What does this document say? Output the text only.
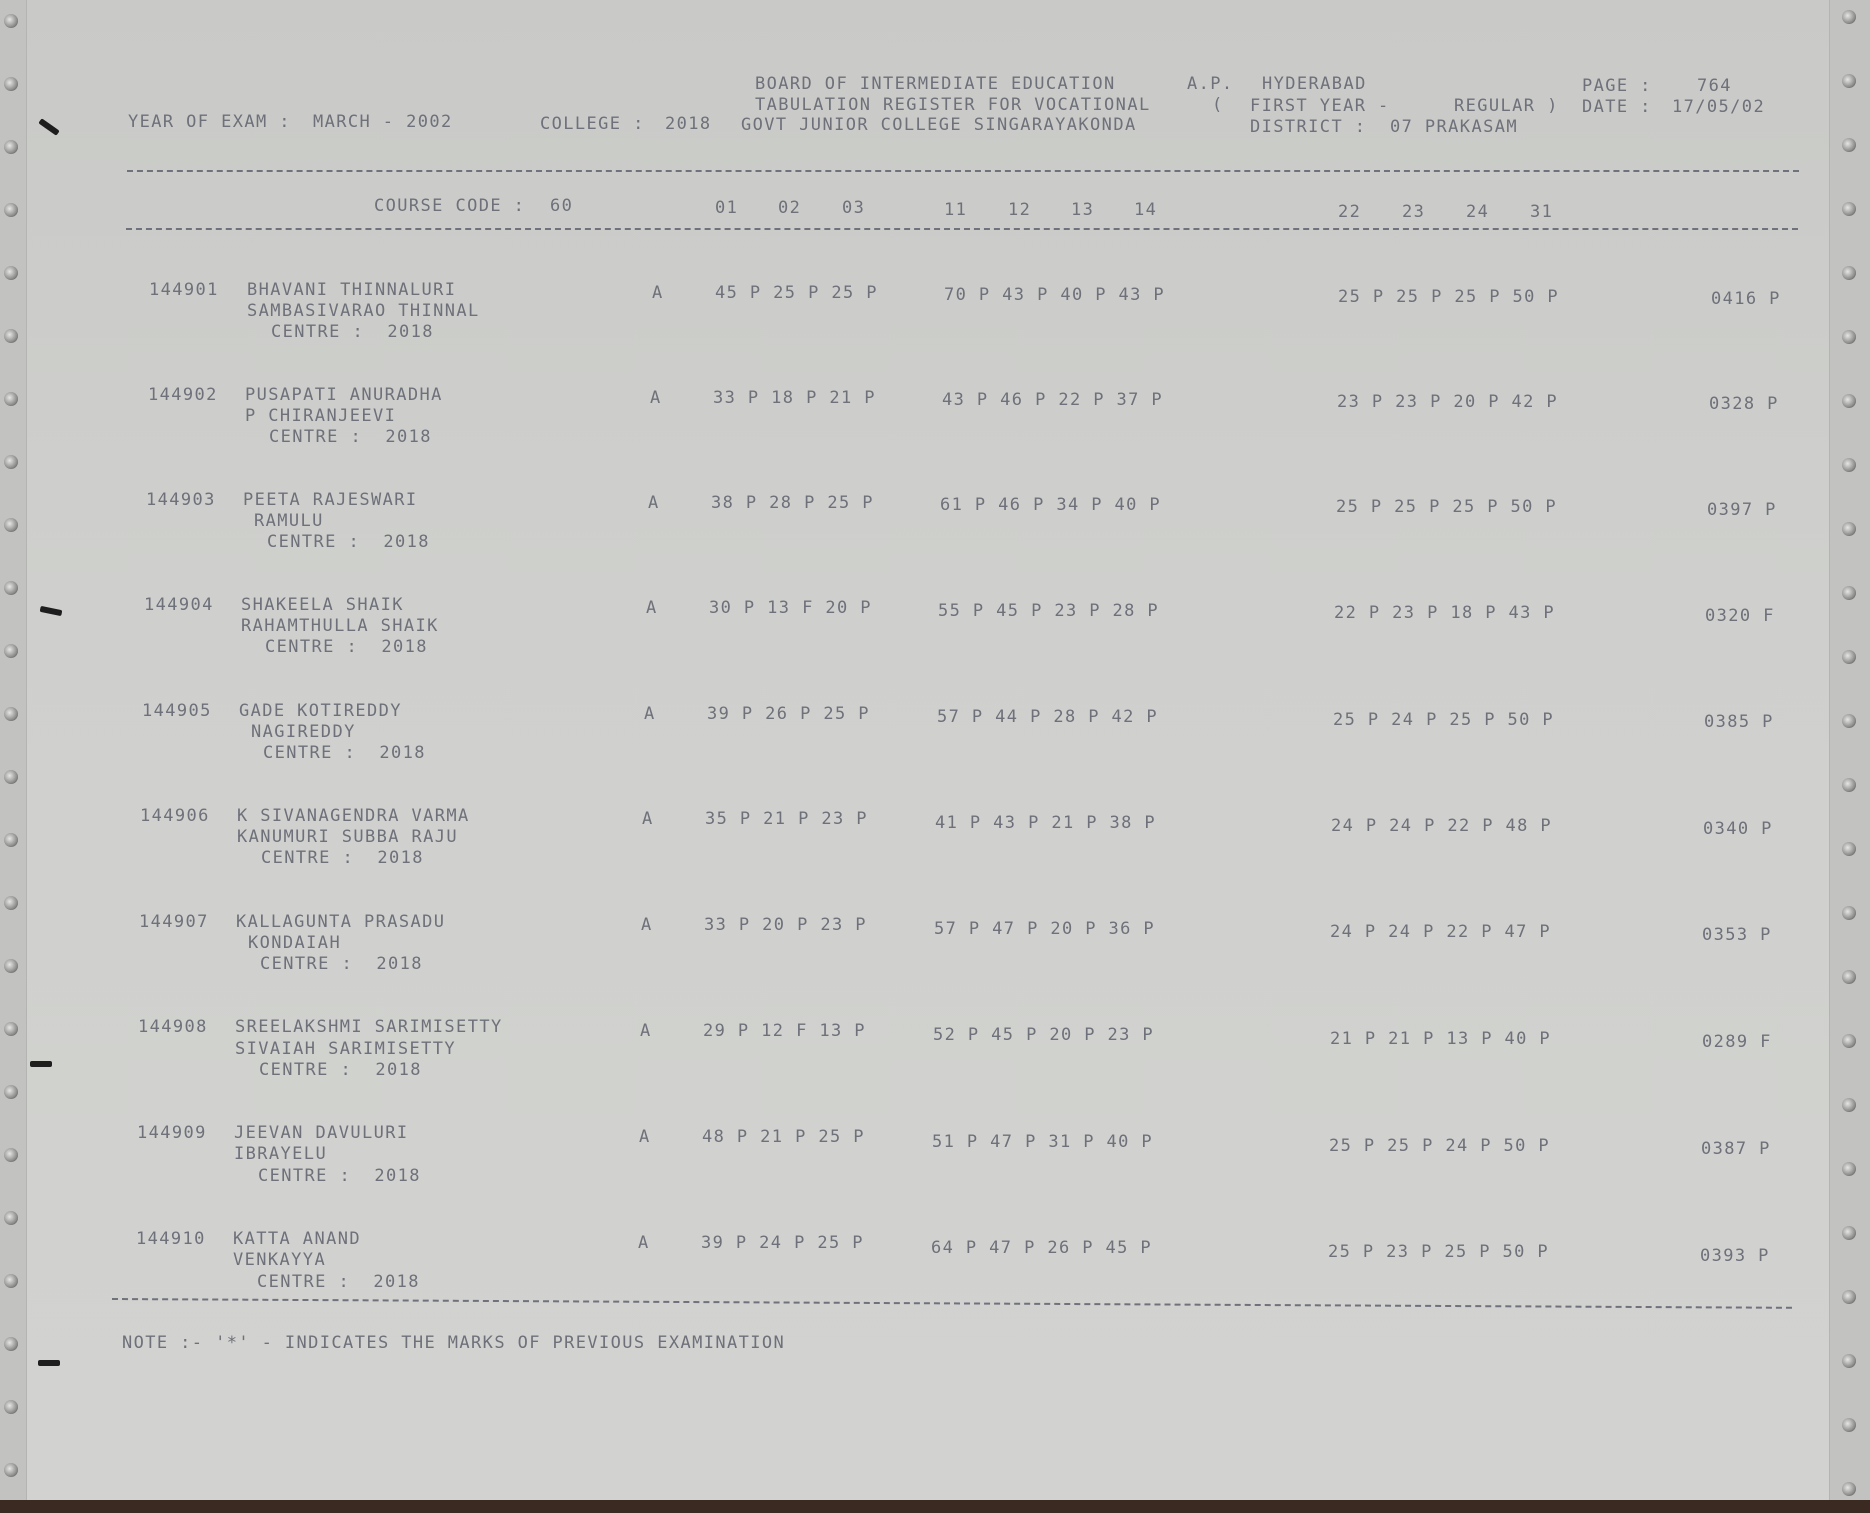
BOARD OF INTERMEDIATE EDUCATION	A.P. HYDERABAD	PAGE :	764
TABULATION REGISTER FOR VOCATIONAL	( FIRST YEAR -	REGULAR ) DATE : 17/05/02
YEAR OF EXAM : MARCH - 2002	COLLEGE : 2018 GOVT JUNIOR COLLEGE SINGARAYAKONDA	DISTRICT : 07 PRAKASAM
COURSE CODE : 60	01 02 03	11 12 13 14	22 23 24 31
144901 BHAVANI THINNALURI
SAMBASIVARAO THINNAL
CENTRE :  2018
A	45 P 25 P 25 P	70 P 43 P 40 P 43 P	25 P 25 P 25 P 50 P	0416 P
144902 PUSAPATI ANURADHA
P CHIRANJEEVI
CENTRE :  2018
A	33 P 18 P 21 P	43 P 46 P 22 P 37 P	23 P 23 P 20 P 42 P	0328 P
144903 PEETA RAJESWARI
RAMULU
CENTRE :  2018
A	38 P 28 P 25 P	61 P 46 P 34 P 40 P	25 P 25 P 25 P 50 P	0397 P
144904 SHAKEELA SHAIK
RAHAMTHULLA SHAIK
CENTRE :  2018
A	30 P 13 F 20 P	55 P 45 P 23 P 28 P	22 P 23 P 18 P 43 P	0320 F
144905 GADE KOTIREDDY
NAGIREDDY
CENTRE :  2018
A	39 P 26 P 25 P	57 P 44 P 28 P 42 P	25 P 24 P 25 P 50 P	0385 P
144906 K SIVANAGENDRA VARMA
KANUMURI SUBBA RAJU
CENTRE :  2018
A	35 P 21 P 23 P	41 P 43 P 21 P 38 P	24 P 24 P 22 P 48 P	0340 P
144907 KALLAGUNTA PRASADU
KONDAIAH
CENTRE :  2018
A	33 P 20 P 23 P	57 P 47 P 20 P 36 P	24 P 24 P 22 P 47 P	0353 P
144908 SREELAKSHMI SARIMISETTY
SIVAIAH SARIMISETTY
CENTRE :  2018
A	29 P 12 F 13 P	52 P 45 P 20 P 23 P	21 P 21 P 13 P 40 P	0289 F
144909 JEEVAN DAVULURI
IBRAYELU
CENTRE :  2018
A	48 P 21 P 25 P	51 P 47 P 31 P 40 P	25 P 25 P 24 P 50 P	0387 P
144910 KATTA ANAND
VENKAYYA
CENTRE :  2018
A	39 P 24 P 25 P	64 P 47 P 26 P 45 P	25 P 23 P 25 P 50 P	0393 P
NOTE :- '*' - INDICATES THE MARKS OF PREVIOUS EXAMINATION
